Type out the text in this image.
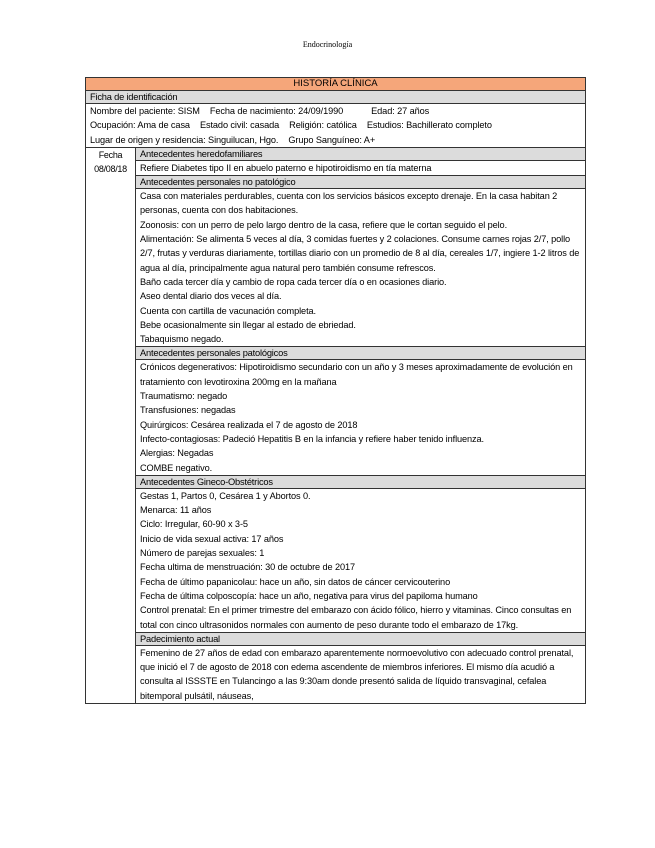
Endocrinología
HISTORÍA CLÍNICA
Ficha de identificación

Nombre del paciente: SISM Fecha de nacimiento: 24/09/1990	Edad: 27 años
Ocupación: Ama de casa Estado civil: casada Religión: católica Estudios: Bachillerato completo
Lugar de origen y residencia: Singuilucan, Hgo. Grupo Sanguíneo: A+

Fecha
08/08/18
	Antecedentes heredofamiliares
Refiere Diabetes tipo II en abuelo paterno e hipotiroidismo en tía materna
Antecedentes personales no patológico

Casa con materiales perdurables, cuenta con los servicios básicos excepto drenaje. En la casa habitan 2 personas, cuenta con dos habitaciones.

Zoonosis: con un perro de pelo largo dentro de la casa, refiere que le cortan seguido el pelo.

Alimentación: Se alimenta 5 veces al día, 3 comidas fuertes y 2 colaciones. Consume carnes rojas 2/7, pollo 2/7, frutas y verduras diariamente, tortillas diario con un promedio de 8 al día, cereales 1/7, ingiere 1-2 litros de agua al día, principalmente agua natural pero también consume refrescos.

Baño cada tercer día y cambio de ropa cada tercer día o en ocasiones diario.

Aseo dental diario dos veces al día.

Cuenta con cartilla de vacunación completa.

Bebe ocasionalmente sin llegar al estado de ebriedad.

Tabaquismo negado.

Antecedentes personales patológicos

Crónicos degenerativos: Hipotiroidismo secundario con un año y 3 meses aproximadamente de evolución en tratamiento con levotiroxina 200mg en la mañana

Traumatismo: negado

Transfusiones: negadas

Quirúrgicos: Cesárea realizada el 7 de agosto de 2018

Infecto-contagiosas: Padeció Hepatitis B en la infancia y refiere haber tenido influenza.

Alergias: Negadas

COMBE negativo.

Antecedentes Gineco-Obstétricos

Gestas 1, Partos 0, Cesárea 1 y Abortos 0.

Menarca: 11 años

Ciclo: Irregular, 60-90 x 3-5

Inicio de vida sexual activa: 17 años

Número de parejas sexuales: 1

Fecha ultima de menstruación: 30 de octubre de 2017

Fecha de último papanicolau: hace un año, sin datos de cáncer cervicouterino

Fecha de última colposcopía: hace un año, negativa para virus del papiloma humano

Control prenatal: En el primer trimestre del embarazo con ácido fólico, hierro y vitaminas. Cinco consultas en total con cinco ultrasonidos normales con aumento de peso durante todo el embarazo de 17kg.

Padecimiento actual
Femenino de 27 años de edad con embarazo aparentemente normoevolutivo con adecuado control prenatal, que inició el 7 de agosto de 2018 con edema ascendente de miembros inferiores. El mismo día acudió a consulta al ISSSTE en Tulancingo a las 9:30am donde presentó salida de líquido transvaginal, cefalea bitemporal pulsátil, náuseas,
